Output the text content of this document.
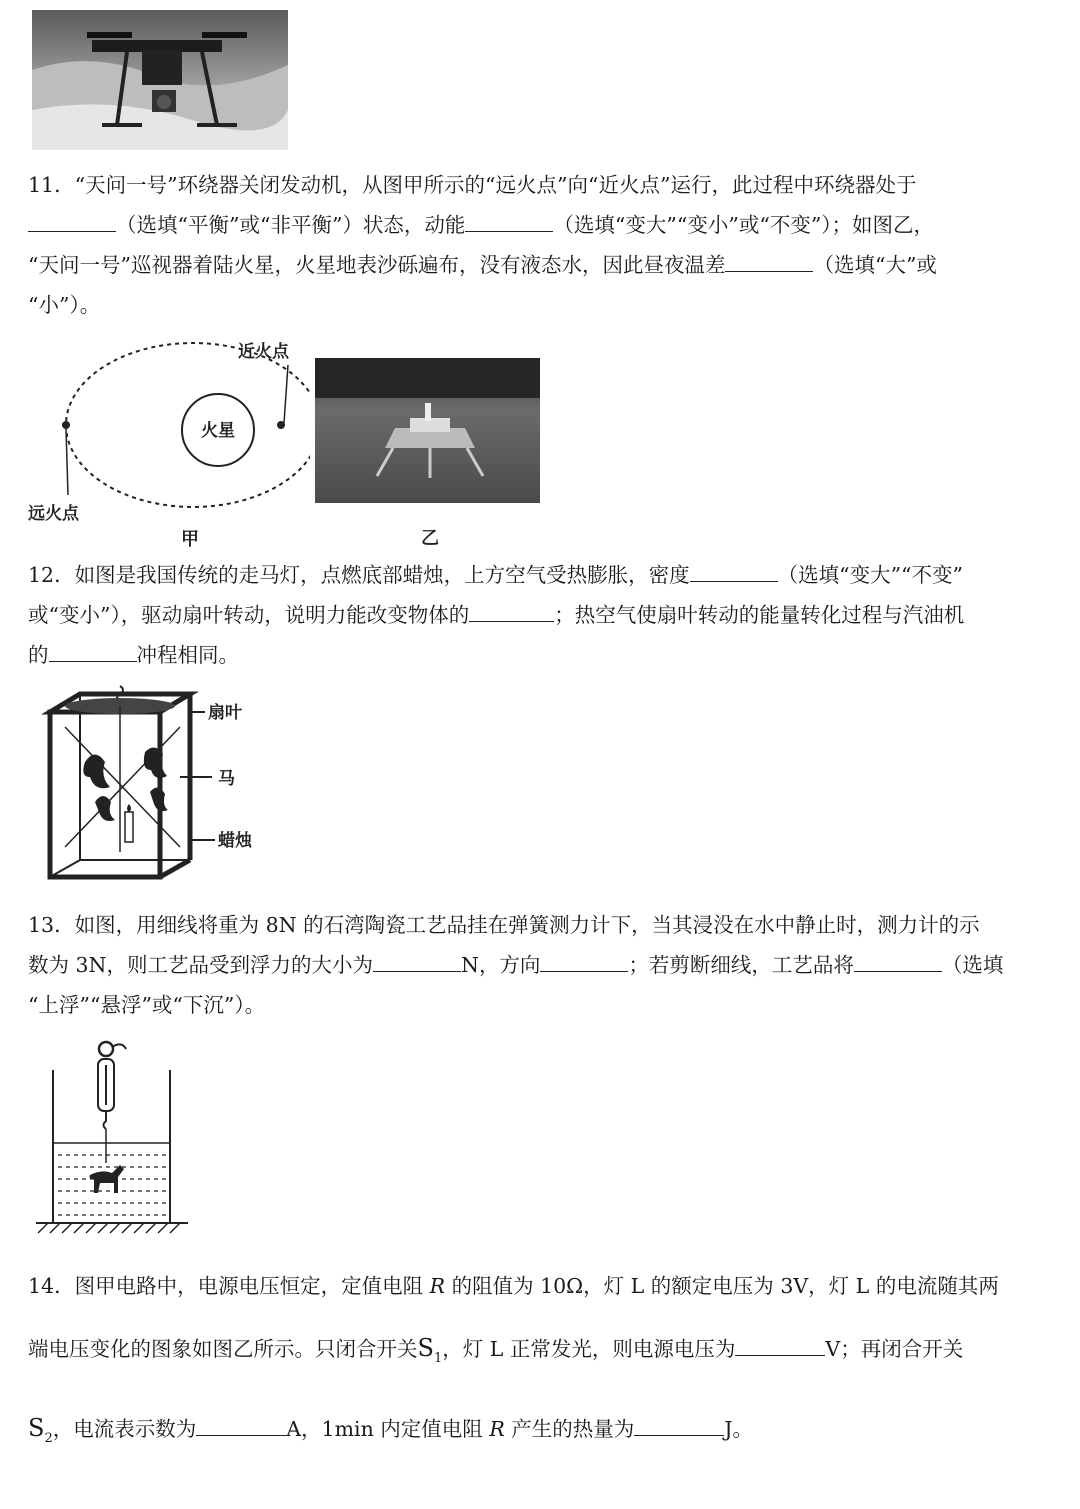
11．“天问一号”环绕器关闭发动机，从图甲所示的“远火点”向“近火点”运行，此过程中环绕器处于
（选填“平衡”或“非平衡”）状态，动能	（选填“变大”“变小”或“不变”）；如图乙，
“天问一号”巡视器着陆火星，火星地表沙砾遍布，没有液态水，因此昼夜温差	（选填“大”或
“小”）。

火星
近火点
远火点
甲	乙

12．如图是我国传统的走马灯，点燃底部蜡烛，上方空气受热膨胀，密度	（选填“变大”“不变”
或“变小”），驱动扇叶转动，说明力能改变物体的	；热空气使扇叶转动的能量转化过程与汽油机
的	冲程相同。

扇叶
马
蜡烛

13．如图，用细线将重为 8N 的石湾陶瓷工艺品挂在弹簧测力计下，当其浸没在水中静止时，测力计的示
数为 3N，则工艺品受到浮力的大小为	N，方向	；若剪断细线，工艺品将	（选填
“上浮”“悬浮”或“下沉”）。

14．图甲电路中，电源电压恒定，定值电阻 R 的阻值为 10Ω，灯 L 的额定电压为 3V，灯 L 的电流随其两
端电压变化的图象如图乙所示。只闭合开关$S_1$，灯 L 正常发光，则电源电压为	V；再闭合开关
$S_2$，电流表示数为	A，1min 内定值电阻 R 产生的热量为	J。
